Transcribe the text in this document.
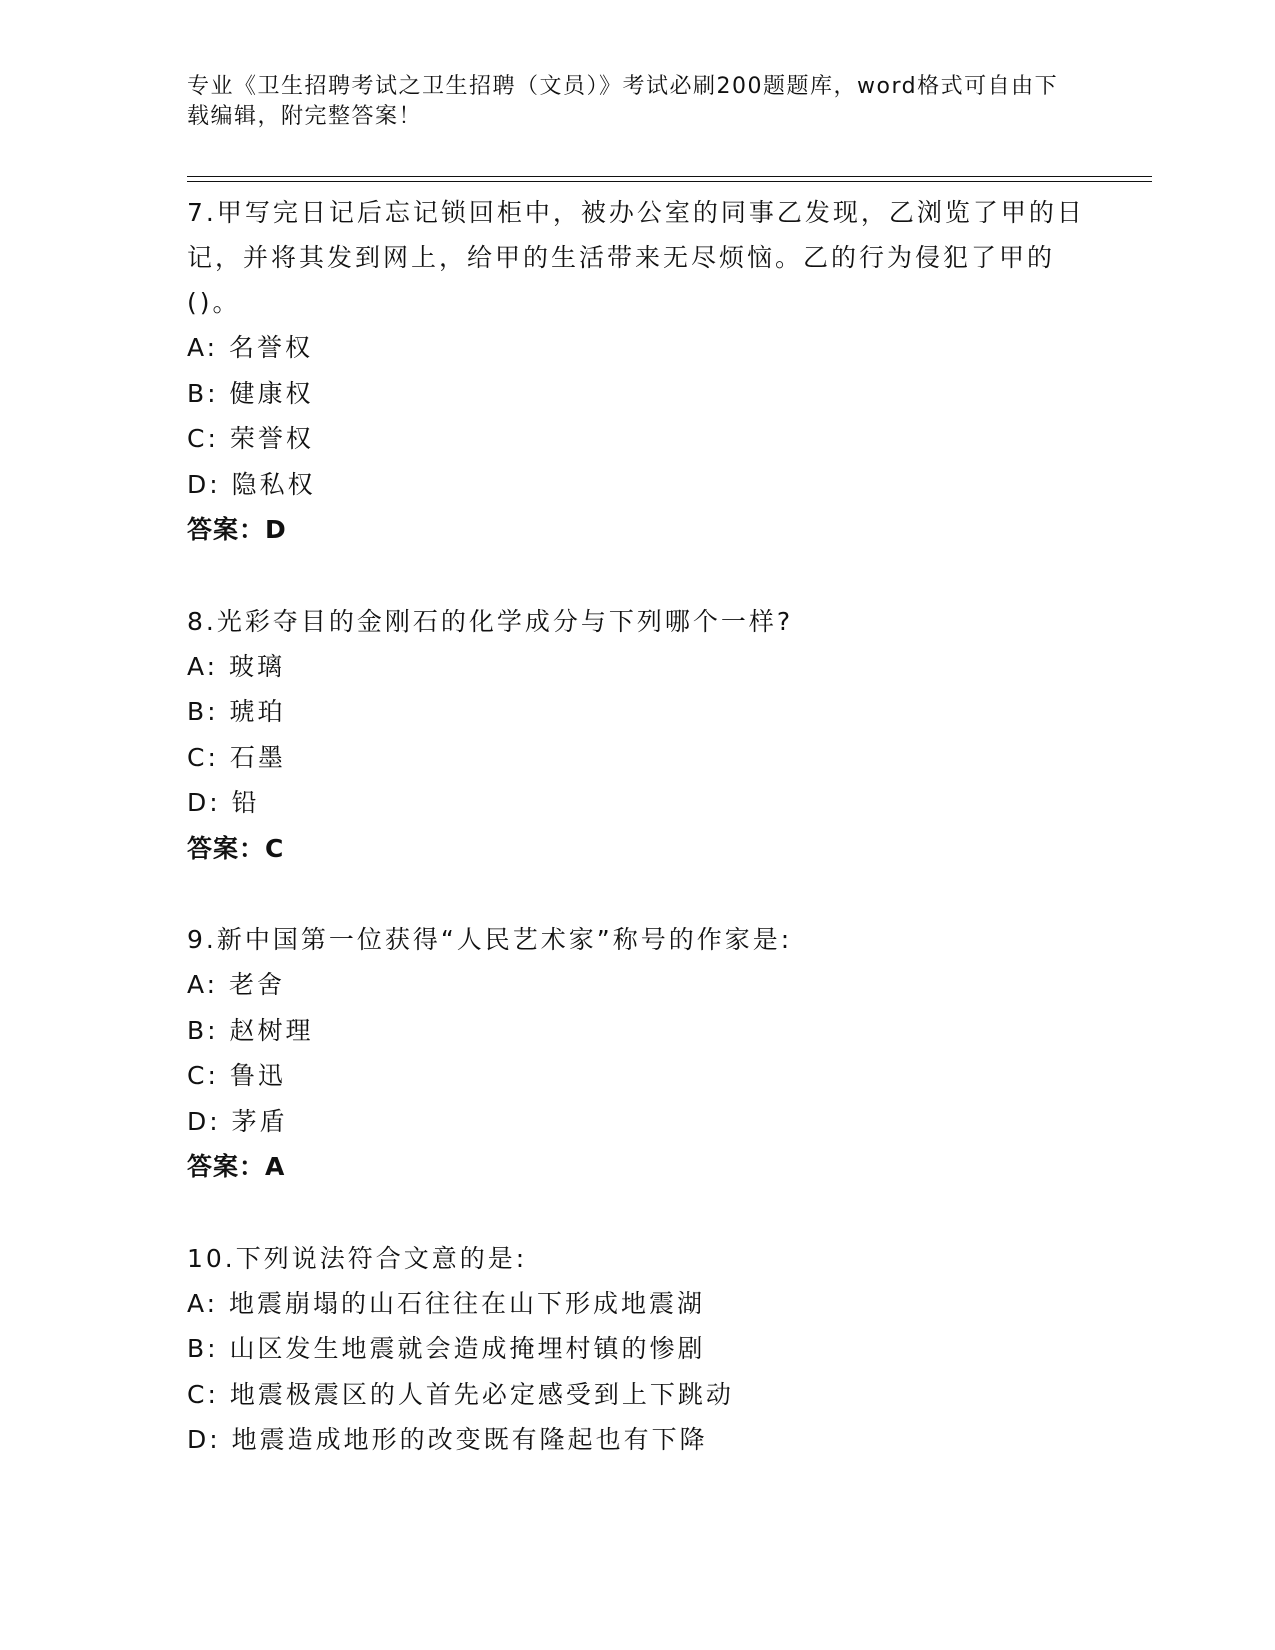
专业《卫生招聘考试之卫生招聘（文员）》考试必刷200题题库，word格式可自由下载编辑，附完整答案！
7.甲写完日记后忘记锁回柜中，被办公室的同事乙发现，乙浏览了甲的日记，并将其发到网上，给甲的生活带来无尽烦恼。乙的行为侵犯了甲的()。
A: 名誉权
B: 健康权
C: 荣誉权
D: 隐私权
答案：D
8.光彩夺目的金刚石的化学成分与下列哪个一样?
A: 玻璃
B: 琥珀
C: 石墨
D: 铅
答案：C
9.新中国第一位获得“人民艺术家”称号的作家是:
A: 老舍
B: 赵树理
C: 鲁迅
D: 茅盾
答案：A
10.下列说法符合文意的是:
A: 地震崩塌的山石往往在山下形成地震湖
B: 山区发生地震就会造成掩埋村镇的惨剧
C: 地震极震区的人首先必定感受到上下跳动
D: 地震造成地形的改变既有隆起也有下降
